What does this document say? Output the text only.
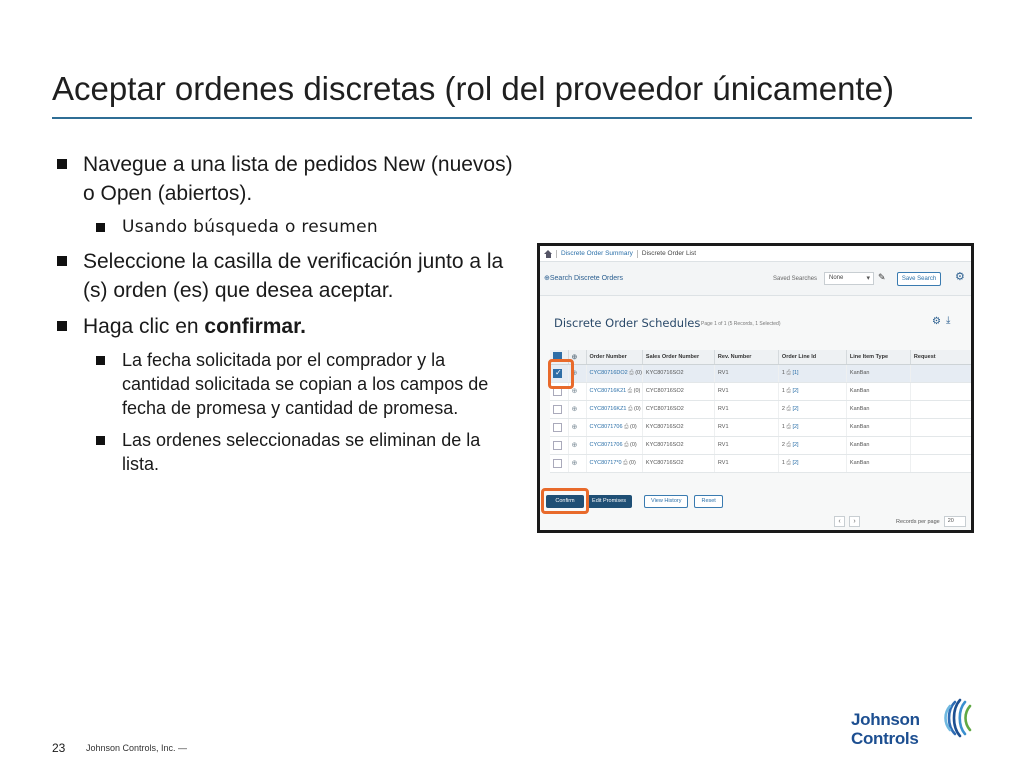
Aceptar ordenes discretas (rol del proveedor únicamente)
Navegue a una lista de pedidos New (nuevos) o Open (abiertos).
Usando búsqueda o resumen
Seleccione la casilla de verificación junto a la (s) orden (es) que desea aceptar.
Haga clic en confirmar.
La fecha solicitada por el comprador y la cantidad solicitada se copian a los campos de fecha de promesa y cantidad de promesa.
Las ordenes seleccionadas se eliminan de la lista.
Discrete Order Summary Discrete Order List
⊕Search Discrete Orders	Saved Searches	None ▾	✎	Save Search	⚙
Discrete Order Schedules Page 1 of 1 (5 Records, 1 Selected)	⚙ ⤓
	⊕	Order Number	Sales Order Number	Rev. Number	Order Line Id	Line Item Type	Request
✓	⊕	CYC80716DO2 ⎙ (0)	KYC80716SO2	RV1	1 ⎙ [1]	KanBan	
	⊕	CYC80716K21 ⎙ (0)	CYC80716SO2	RV1	1 ⎙ [2]	KanBan	
	⊕	CYC80716KZ1 ⎙ (0)	CYC80716SO2	RV1	2 ⎙ [2]	KanBan	
	⊕	CYC8071706 ⎙ (0)	KYC80716SO2	RV1	1 ⎙ [2]	KanBan	
	⊕	CYC8071706 ⎙ (0)	KYC80716SO2	RV1	2 ⎙ [2]	KanBan	
	⊕	CYC80717*0 ⎙ (0)	KYC80716SO2	RV1	1 ⎙ [2]	KanBan	
Confirm	Edit Promises	View History	Reset
‹	›	Records per page	20
23 Johnson Controls, Inc. —
Johnson
Controls
